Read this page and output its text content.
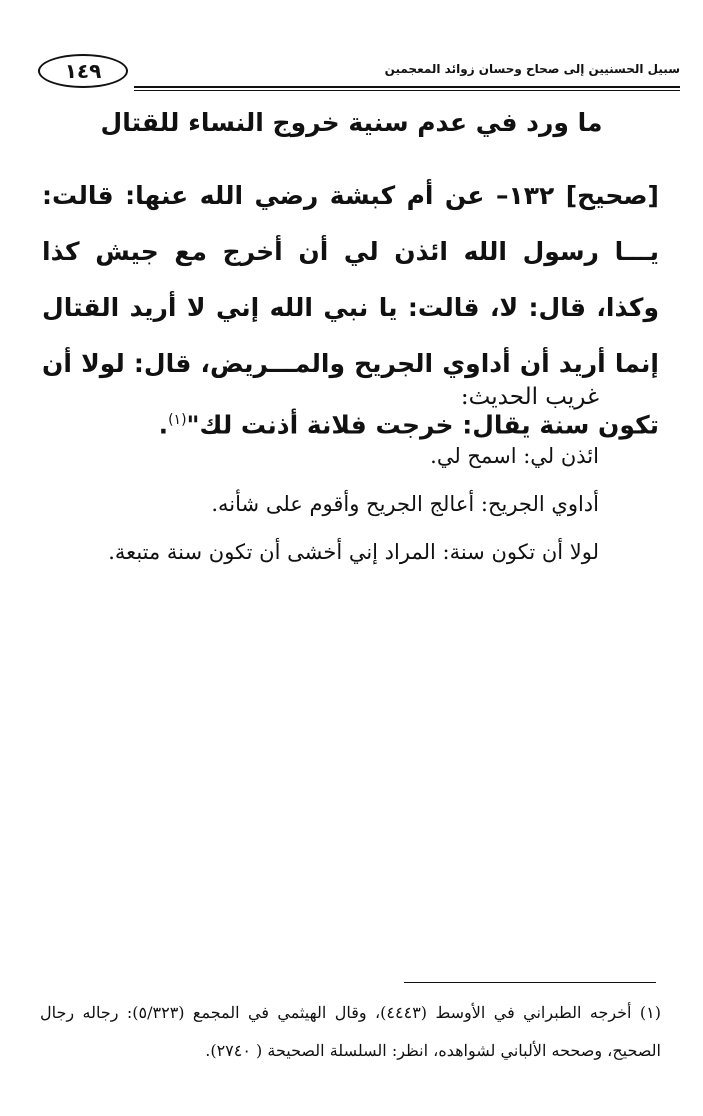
١٤٩	سبيل الحسنيين إلى صحاح وحسان زوائد المعجمين
ما ورد في عدم سنية خروج النساء للقتال
[صحيح] ١٣٢– عن أم كبشة رضي الله عنها: قالت: يـــا رسول الله ائذن لي أن أخرج مع جيش كذا وكذا، قال: لا، قالت: يا نبي الله إني لا أريد القتال إنما أريد أن أداوي الجريح والمـــريض، قال: لولا أن تكون سنة يقال: خرجت فلانة أذنت لك"$^{(١)}$.
غريب الحديث:
ائذن لي: اسمح لي.
أداوي الجريح: أعالج الجريح وأقوم على شأنه.
لولا أن تكون سنة: المراد إني أخشى أن تكون سنة متبعة.
(١) أخرجه الطبراني في الأوسط (٤٤٤٣)، وقال الهيثمي في المجمع (٥/٣٢٣): رجاله رجال الصحيح، وصححه الألباني لشواهده، انظر: السلسلة الصحيحة ( ٢٧٤٠).
